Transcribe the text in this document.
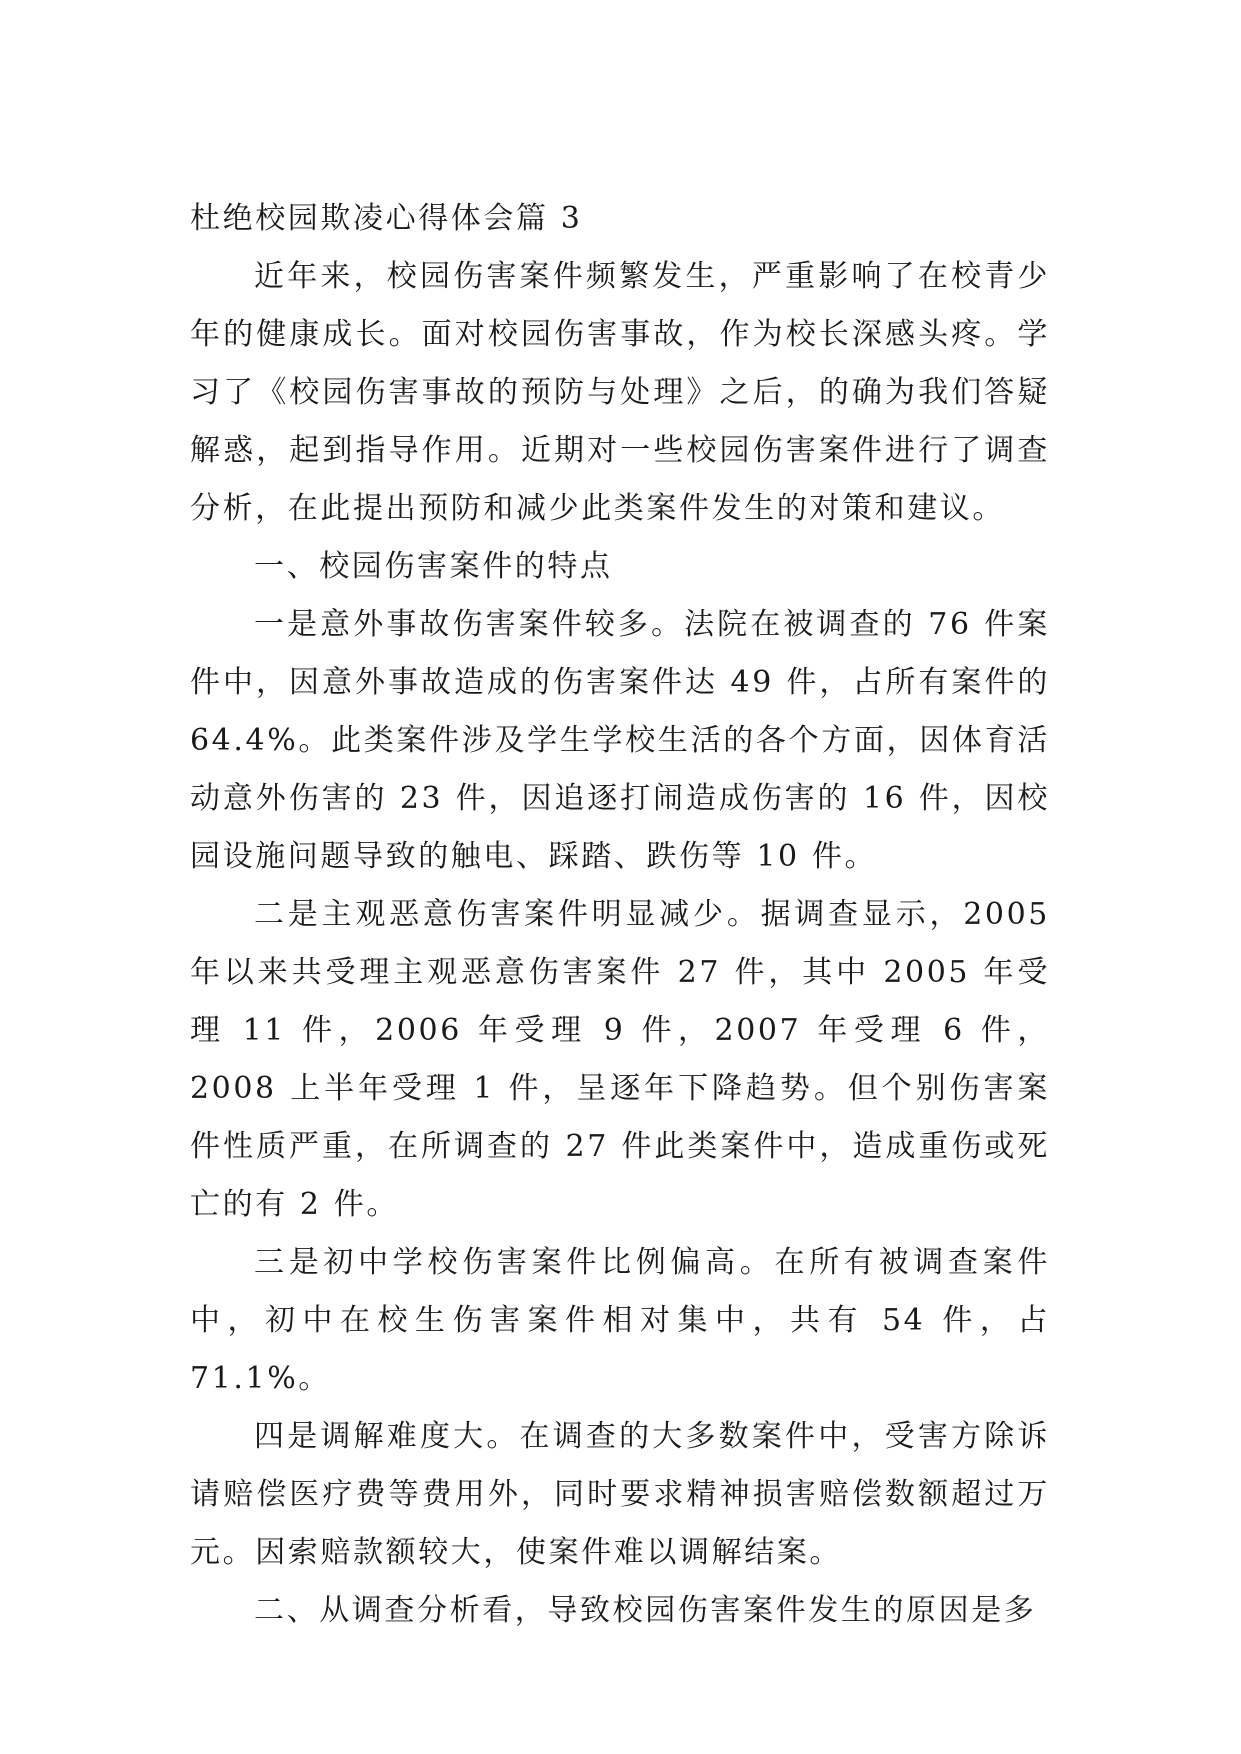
杜绝校园欺凌心得体会篇 3

近年来，校园伤害案件频繁发生，严重影响了在校青少年的健康成长。面对校园伤害事故，作为校长深感头疼。学习了《校园伤害事故的预防与处理》之后，的确为我们答疑解惑，起到指导作用。近期对一些校园伤害案件进行了调查分析，在此提出预防和减少此类案件发生的对策和建议。

一、校园伤害案件的特点

一是意外事故伤害案件较多。法院在被调查的 76 件案件中，因意外事故造成的伤害案件达 49 件，占所有案件的 64.4%。此类案件涉及学生学校生活的各个方面，因体育活动意外伤害的 23 件，因追逐打闹造成伤害的 16 件，因校园设施问题导致的触电、踩踏、跌伤等 10 件。

二是主观恶意伤害案件明显减少。据调查显示，2005 年以来共受理主观恶意伤害案件 27 件，其中 2005 年受理 11 件，2006 年受理 9 件，2007 年受理 6 件，2008 上半年受理 1 件，呈逐年下降趋势。但个别伤害案件性质严重，在所调查的 27 件此类案件中，造成重伤或死亡的有 2 件。

三是初中学校伤害案件比例偏高。在所有被调查案件中，初中在校生伤害案件相对集中，共有 54 件，占 71.1%。

四是调解难度大。在调查的大多数案件中，受害方除诉请赔偿医疗费等费用外，同时要求精神损害赔偿数额超过万元。因索赔款额较大，使案件难以调解结案。

二、从调查分析看，导致校园伤害案件发生的原因是多
